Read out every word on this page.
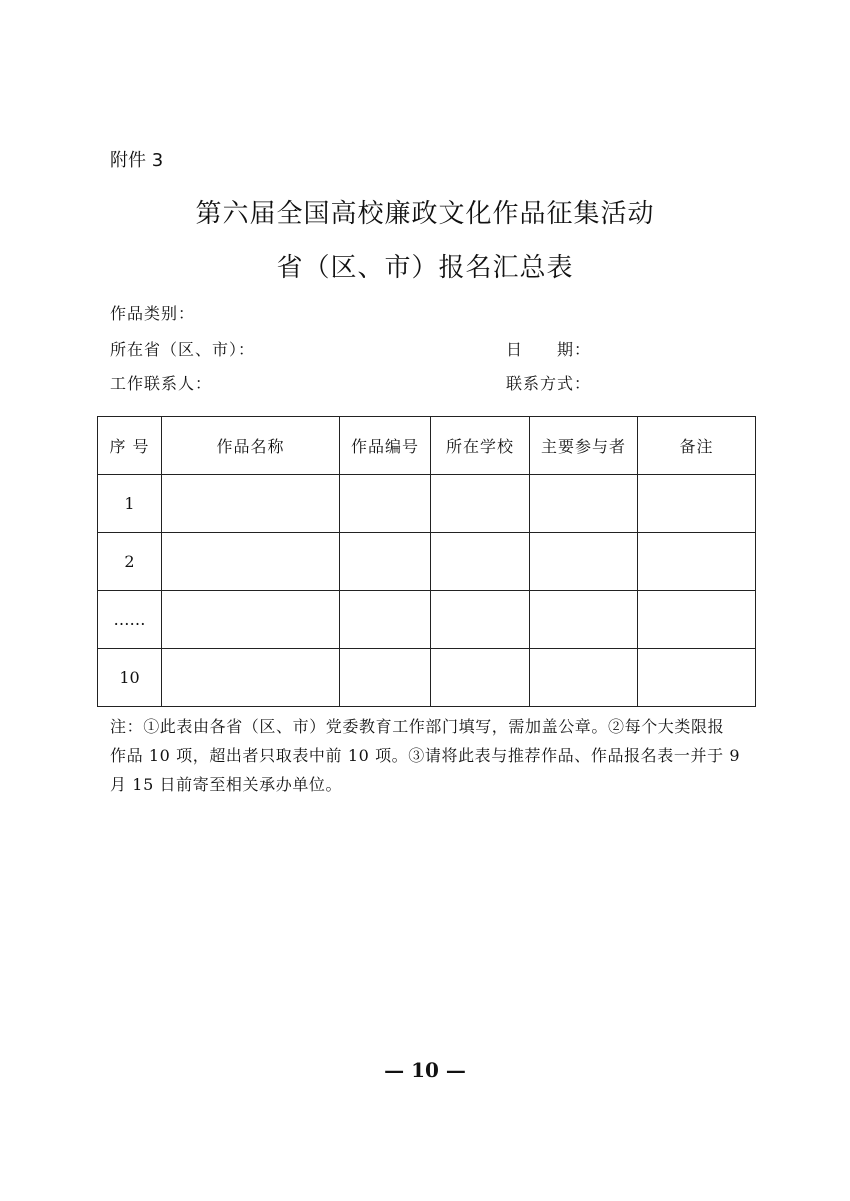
附件 3
第六届全国高校廉政文化作品征集活动
省（区、市）报名汇总表
作品类别：
所在省（区、市）：	日　　期：
工作联系人：	联系方式：
序 号	作品名称	作品编号	所在学校	主要参与者	备注
1					
2					
……					
10					

注：①此表由各省（区、市）党委教育工作部门填写，需加盖公章。②每个大类限报

作品 10 项，超出者只取表中前 10 项。③请将此表与推荐作品、作品报名表一并于 9

月 15 日前寄至相关承办单位。

— 10 —
